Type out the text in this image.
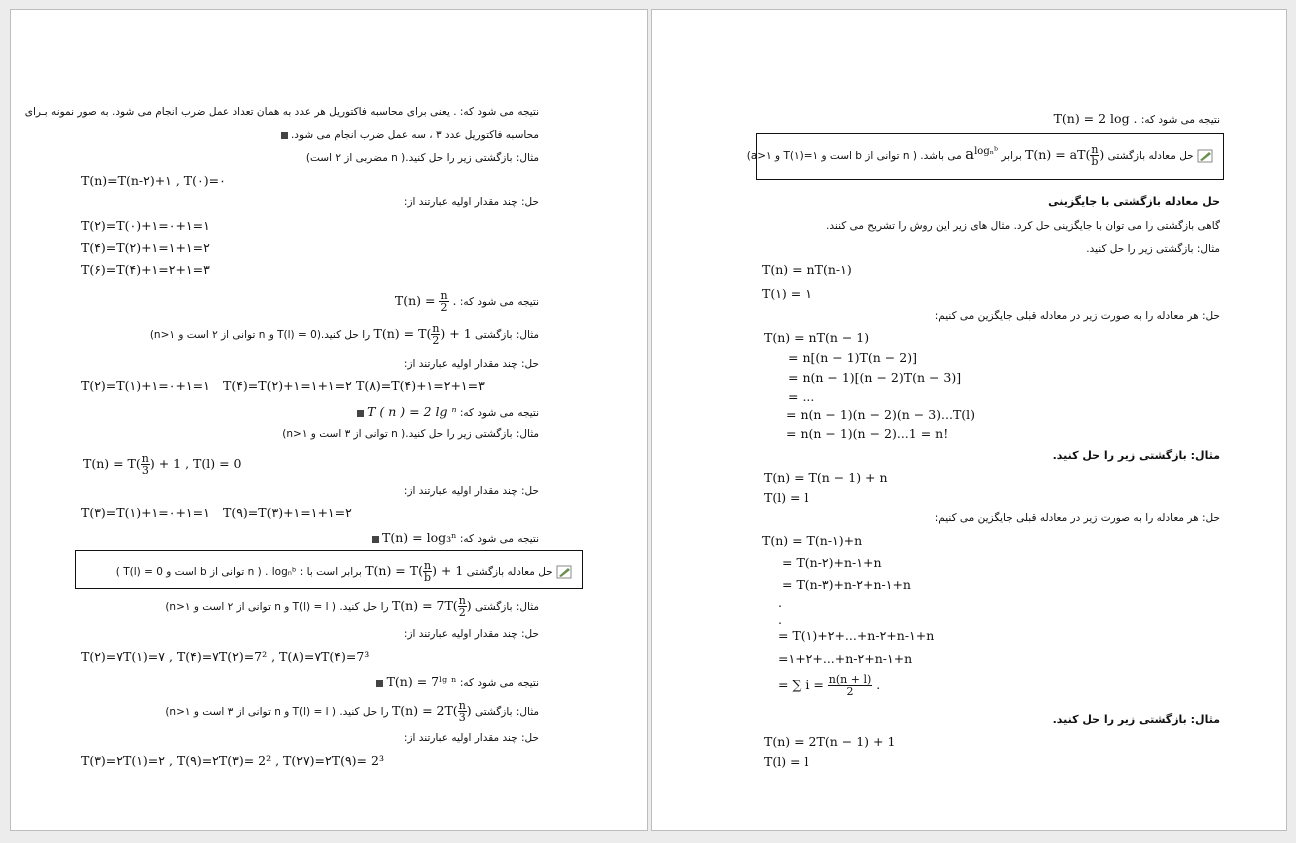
نتیجه می شود که: . یعنی برای محاسبه فاکتوریل هر عدد به همان تعداد عمل ضرب انجام می شود. به صور نمونه بـرای
محاسبه فاکتوریل عدد ۳ ، سه عمل ضرب انجام می شود.
مثال: بازگشتی زیر را حل کنید.( n مضربی از ۲ است)
T(n)=T(n-۲)+۱ , T(۰)=۰
حل: چند مقدار اولیه عبارتند از:
T(۲)=T(۰)+۱=۰+۱=۱
T(۴)=T(۲)+۱=۱+۱=۲
T(۶)=T(۴)+۱=۲+۱=۳
نتیجه می شود که: $T(n) = \frac{n}{2}$ .
مثال: بازگشتی $T(n) = T( \frac{n}{2}$ ) + 1 را حل کنید.(T(l) = 0 و n توانی از ۲ است و n>۱)
حل: چند مقدار اولیه عبارتند از:
T(۲)=T(۱)+۱=۰+۱=۱ T(۴)=T(۲)+۱=۱+۱=۲ T(۸)=T(۴)+۱=۲+۱=۳
نتیجه می شود که: T ( n ) = 2 lg ⁿ
مثال: بازگشتی زیر را حل کنید.( n توانی از ۳ است و n>۱)
$T(n) = T( \frac{n}{3}$ ) + 1 , T(l) = 0
حل: چند مقدار اولیه عبارتند از:
T(۳)=T(۱)+۱=۰+۱=۱ T(۹)=T(۳)+۱=۱+۱=۲
نتیجه می شود که: T(n) = log₃ⁿ
حل معادله بازگشتی $T(n) = T( \frac{n}{b}$ ) + 1 برابر است با : logₙᵇ . ( n توانی از b است و T(l) = 0 )
مثال: بازگشتی $T(n) = 7T( \frac{n}{2}$ ) را حل کنید. ( T(l) = l و n توانی از ۲ است و n>۱)
حل: چند مقدار اولیه عبارتند از:
T(۲)=۷T(۱)=۷ , T(۴)=۷T(۲)=7² , T(۸)=۷T(۴)=7³
نتیجه می شود که: T(n) = 7ˡᵍ ⁿ
مثال: بازگشتی $T(n) = 2T( \frac{n}{3}$ ) را حل کنید. ( T(l) = l و n توانی از ۳ است و n>۱)
حل: چند مقدار اولیه عبارتند از:
T(۳)=۲T(۱)=۲ , T(۹)=۲T(۳)= 2² , T(۲۷)=۲T(۹)= 2³
نتیجه می شود که: T(n) = 2 log .
حل معادله بازگشتی $T(n) = aT( \frac{n}{b}$ ) برابر $a^{log_nᵇ}$ می باشد. ( n توانی از b است و T(۱)=۱ و a>۱)
حل معادله بازگشتی با جایگزینی
گاهی بازگشتی را می توان با جایگزینی حل کرد. مثال های زیر این روش را تشریح می کنند.
مثال: بازگشتی زیر را حل کنید.
T(n) = nT(n-۱)
T(۱) = ۱
حل: هر معادله را به صورت زیر در معادله قبلی جایگزین می کنیم:
T(n) = nT(n − 1)
= n[(n − 1)T(n − 2)]
= n(n − 1)[(n − 2)T(n − 3)]
= ...
= n(n − 1)(n − 2)(n − 3)...T(l)
= n(n − 1)(n − 2)...1 = n!
مثال: بازگشتی زیر را حل کنید.
T(n) = T(n − 1) + n
T(l) = l
حل: هر معادله را به صورت زیر در معادله قبلی جایگزین می کنیم:
T(n) = T(n-۱)+n
= T(n-۲)+n-۱+n
= T(n-۳)+n-۲+n-۱+n
.
.
= T(۱)+۲+...+n-۲+n-۱+n
=۱+۲+...+n-۲+n-۱+n
= ∑ $i = \frac{n(n + l)}{2}$ .
مثال: بازگشتی زیر را حل کنید.
T(n) = 2T(n − 1) + 1
T(l) = l
